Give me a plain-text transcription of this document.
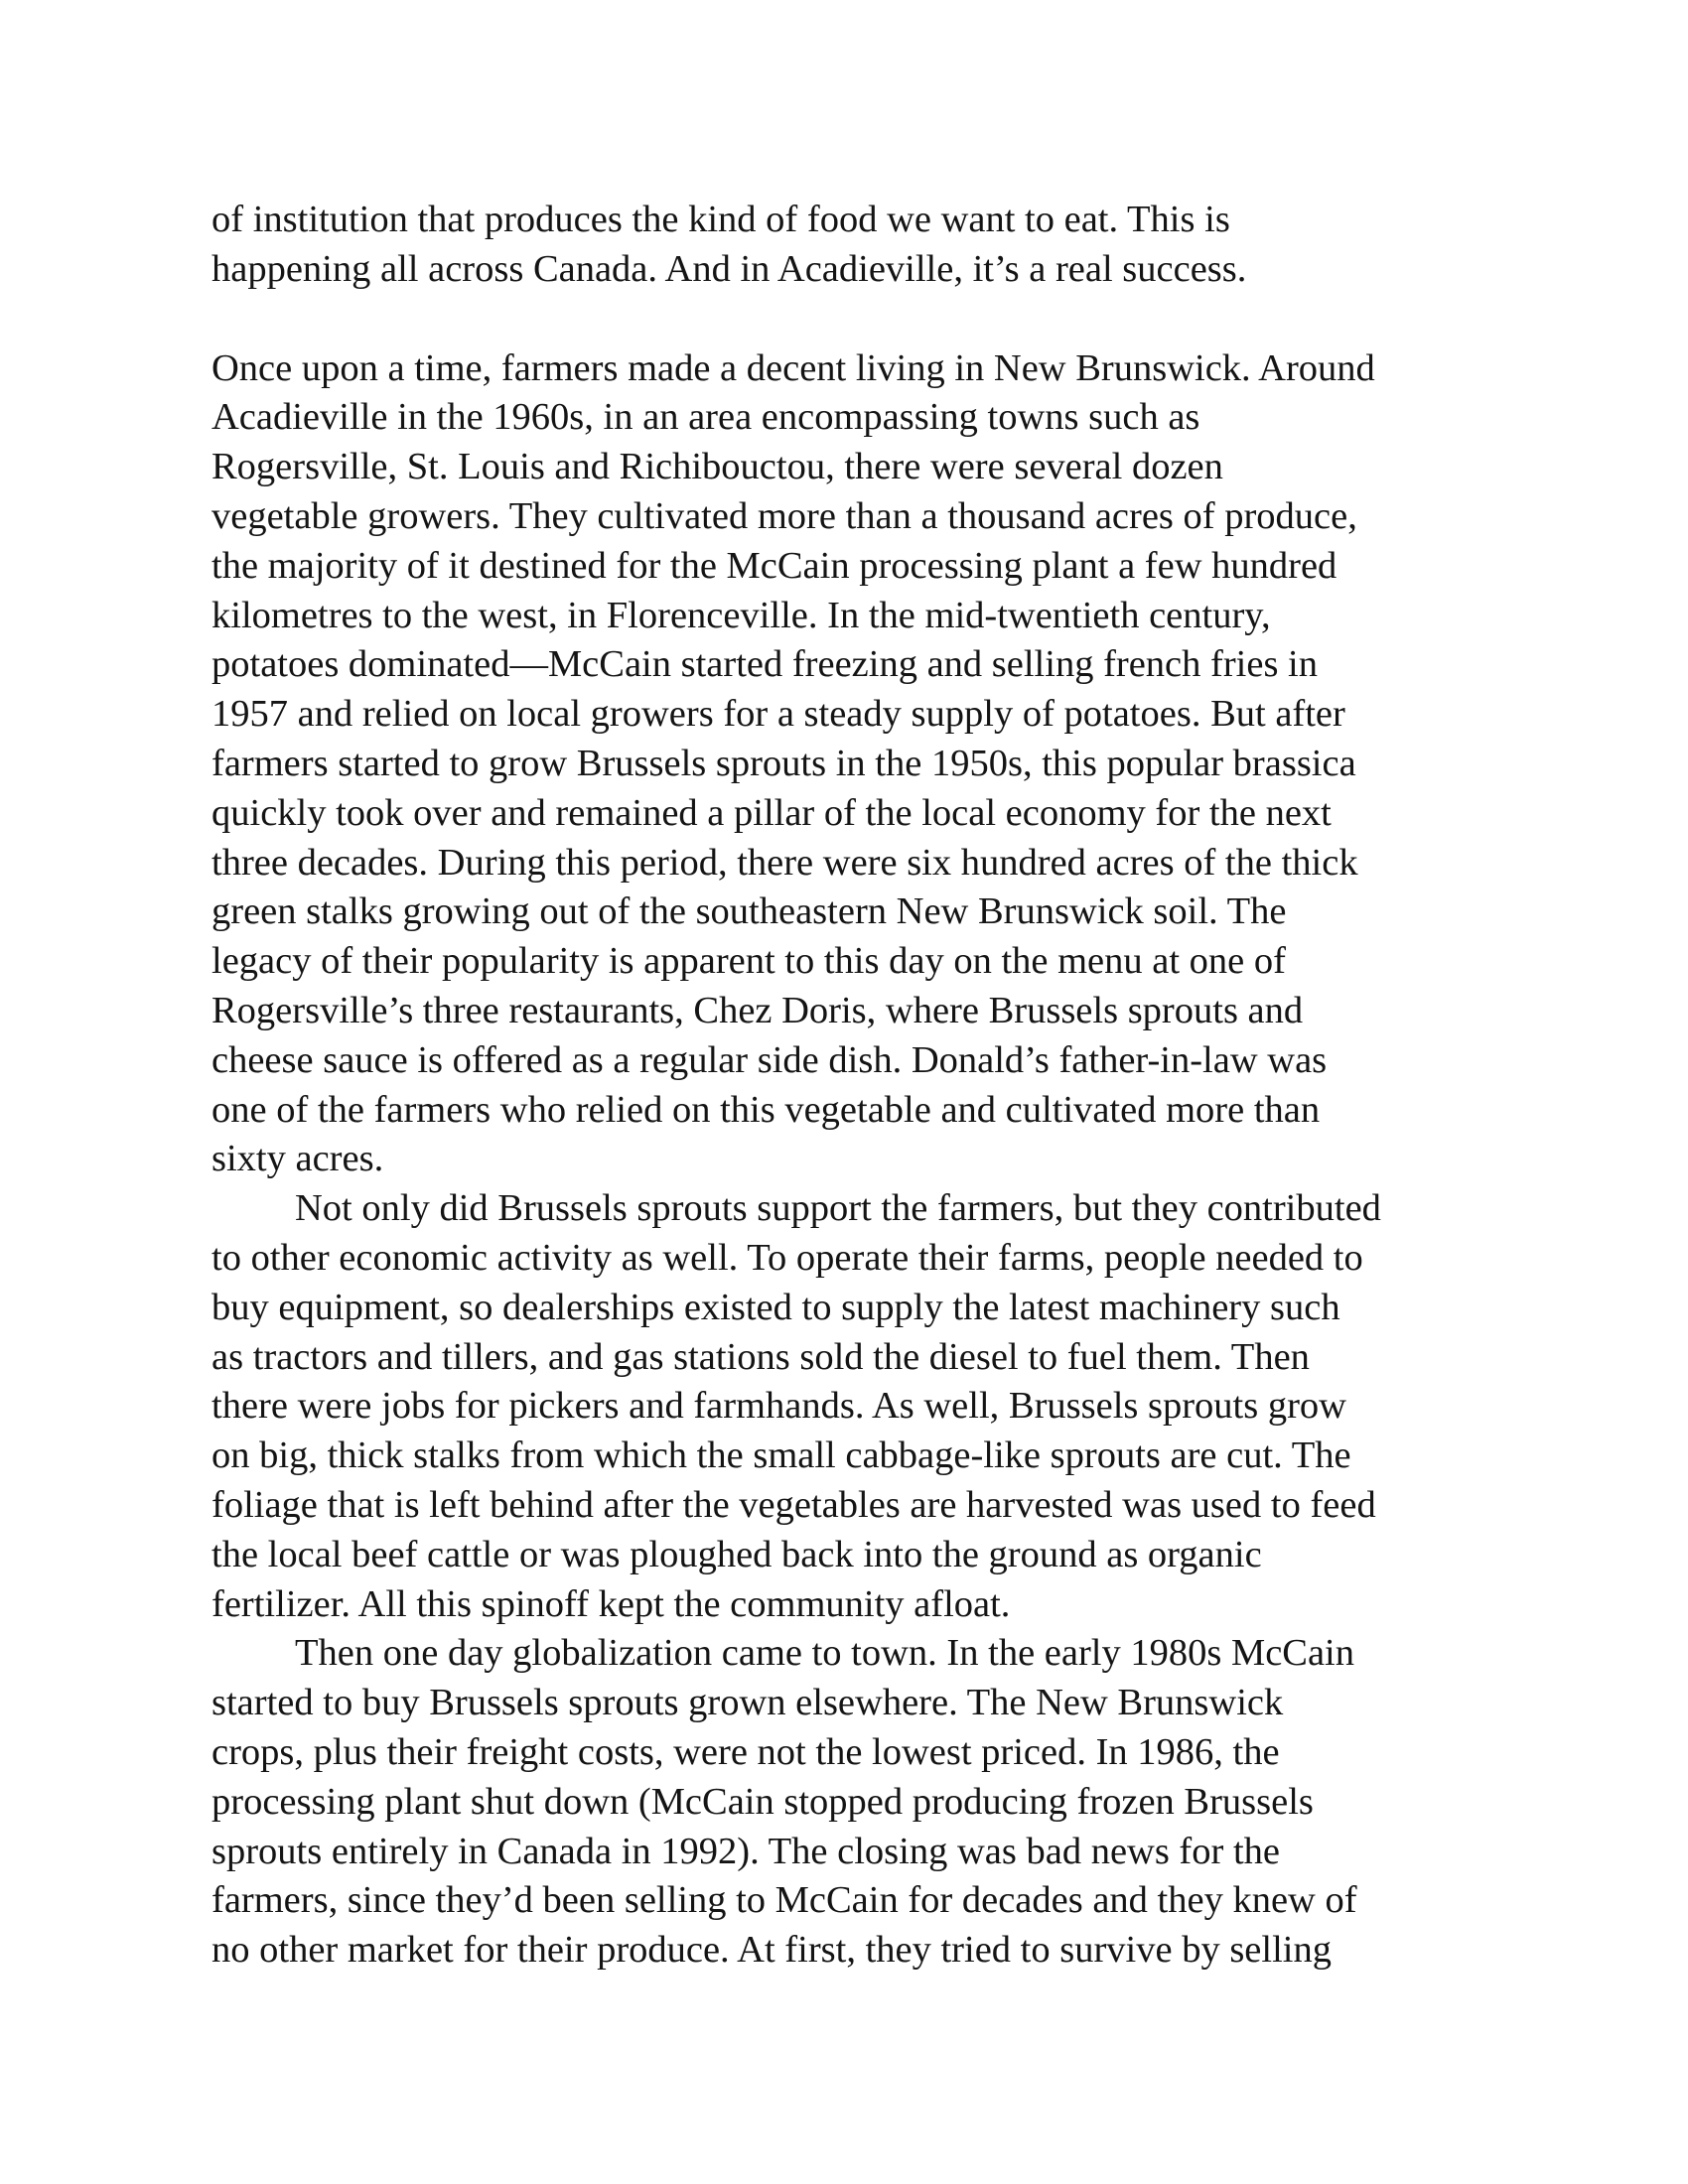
of institution that produces the kind of food we want to eat. This is
happening all across Canada. And in Acadieville, it’s a real success.

Once upon a time, farmers made a decent living in New Brunswick. Around
Acadieville in the 1960s, in an area encompassing towns such as
Rogersville, St. Louis and Richibouctou, there were several dozen
vegetable growers. They cultivated more than a thousand acres of produce,
the majority of it destined for the McCain processing plant a few hundred
kilometres to the west, in Florenceville. In the mid-twentieth century,
potatoes dominated—McCain started freezing and selling french fries in
1957 and relied on local growers for a steady supply of potatoes. But after
farmers started to grow Brussels sprouts in the 1950s, this popular brassica
quickly took over and remained a pillar of the local economy for the next
three decades. During this period, there were six hundred acres of the thick
green stalks growing out of the southeastern New Brunswick soil. The
legacy of their popularity is apparent to this day on the menu at one of
Rogersville’s three restaurants, Chez Doris, where Brussels sprouts and
cheese sauce is offered as a regular side dish. Donald’s father-in-law was
one of the farmers who relied on this vegetable and cultivated more than
sixty acres.

Not only did Brussels sprouts support the farmers, but they contributed
to other economic activity as well. To operate their farms, people needed to
buy equipment, so dealerships existed to supply the latest machinery such
as tractors and tillers, and gas stations sold the diesel to fuel them. Then
there were jobs for pickers and farmhands. As well, Brussels sprouts grow
on big, thick stalks from which the small cabbage-like sprouts are cut. The
foliage that is left behind after the vegetables are harvested was used to feed
the local beef cattle or was ploughed back into the ground as organic
fertilizer. All this spinoff kept the community afloat.

Then one day globalization came to town. In the early 1980s McCain
started to buy Brussels sprouts grown elsewhere. The New Brunswick
crops, plus their freight costs, were not the lowest priced. In 1986, the
processing plant shut down (McCain stopped producing frozen Brussels
sprouts entirely in Canada in 1992). The closing was bad news for the
farmers, since they’d been selling to McCain for decades and they knew of
no other market for their produce. At first, they tried to survive by selling
